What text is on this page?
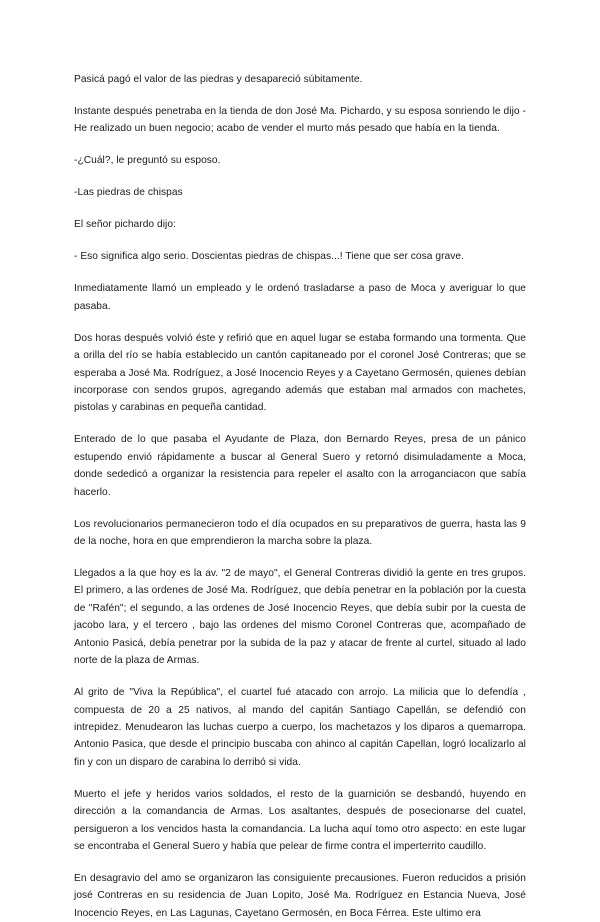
Pasicá pagó el valor de las piedras y desapareció súbitamente.

Instante después penetraba en la tienda de don José Ma. Pichardo, y su esposa sonriendo le dijo -He realizado un buen negocio; acabo de vender el murto más pesado que había en la tienda.

-¿Cuál?, le preguntó su esposo.

-Las piedras de chispas

El señor pichardo dijo:

- Eso significa algo serio. Doscientas piedras de chispas...! Tiene que ser cosa grave.

Inmediatamente llamó un empleado y le ordenó trasladarse a paso de Moca y averiguar lo que pasaba.

Dos horas después volvió éste y refirió que en aquel lugar se estaba formando una tormenta. Que a orilla del río se había establecido un cantón capitaneado por el coronel José Contreras; que se esperaba a José Ma. Rodríguez, a José Inocencio Reyes y a Cayetano Germosén, quienes debían incorporase con sendos grupos, agregando además que estaban mal armados con machetes, pistolas y carabinas en pequeña cantidad.

Enterado de lo que pasaba el Ayudante de Plaza, don Bernardo Reyes, presa de un pánico estupendo envió rápidamente a buscar al General Suero y retornó disimuladamente a Moca, donde sededicó a organizar la resistencia para repeler el asalto con la arroganciacon que sabía hacerlo.

Los revolucionarios permanecieron todo el día ocupados en su preparativos de guerra, hasta las 9 de la noche, hora en que emprendieron la marcha sobre la plaza.

Llegados a la que hoy es la av. "2 de mayo", el General Contreras dividió la gente en tres grupos. El primero, a las ordenes de José Ma. Rodríguez, que debía penetrar en la población por la cuesta de "Rafén"; el segundo, a las ordenes de José Inocencio Reyes, que debía subir por la cuesta de jacobo lara, y el tercero , bajo las ordenes del mismo Coronel Contreras que, acompañado de Antonio Pasicá, debía penetrar por la subida de la paz y atacar de frente al curtel, situado al lado norte de la plaza de Armas.

Al grito de "Viva la República", el cuartel fué atacado con arrojo. La milicia que lo defendía , compuesta de 20 a 25 nativos, al mando del capitán Santiago Capellán, se defendió con intrepidez. Menudearon las luchas cuerpo a cuerpo, los machetazos y los diparos a quemarropa. Antonio Pasica, que desde el principio buscaba con ahinco al capitán Capellan, logró localizarlo al fin y con un disparo de carabina lo derribó si vida.

Muerto el jefe y heridos varios soldados, el resto de la guarnición se desbandó, huyendo en dirección a la comandancia de Armas. Los asaltantes, después de posecionarse del cuatel, persigueron a los vencidos hasta la comandancia. La lucha aquí tomo otro aspecto: en este lugar se encontraba el General Suero y había que pelear de firme contra el imperterrito caudillo.

En desagravio del amo se organizaron las consiguiente precausiones. Fueron reducidos a prisión josé Contreras en su residencia de Juan Lopito, José Ma. Rodríguez en Estancia Nueva, José Inocencio Reyes, en Las Lagunas, Cayetano Germosén, en Boca Férrea. Este ultimo era
